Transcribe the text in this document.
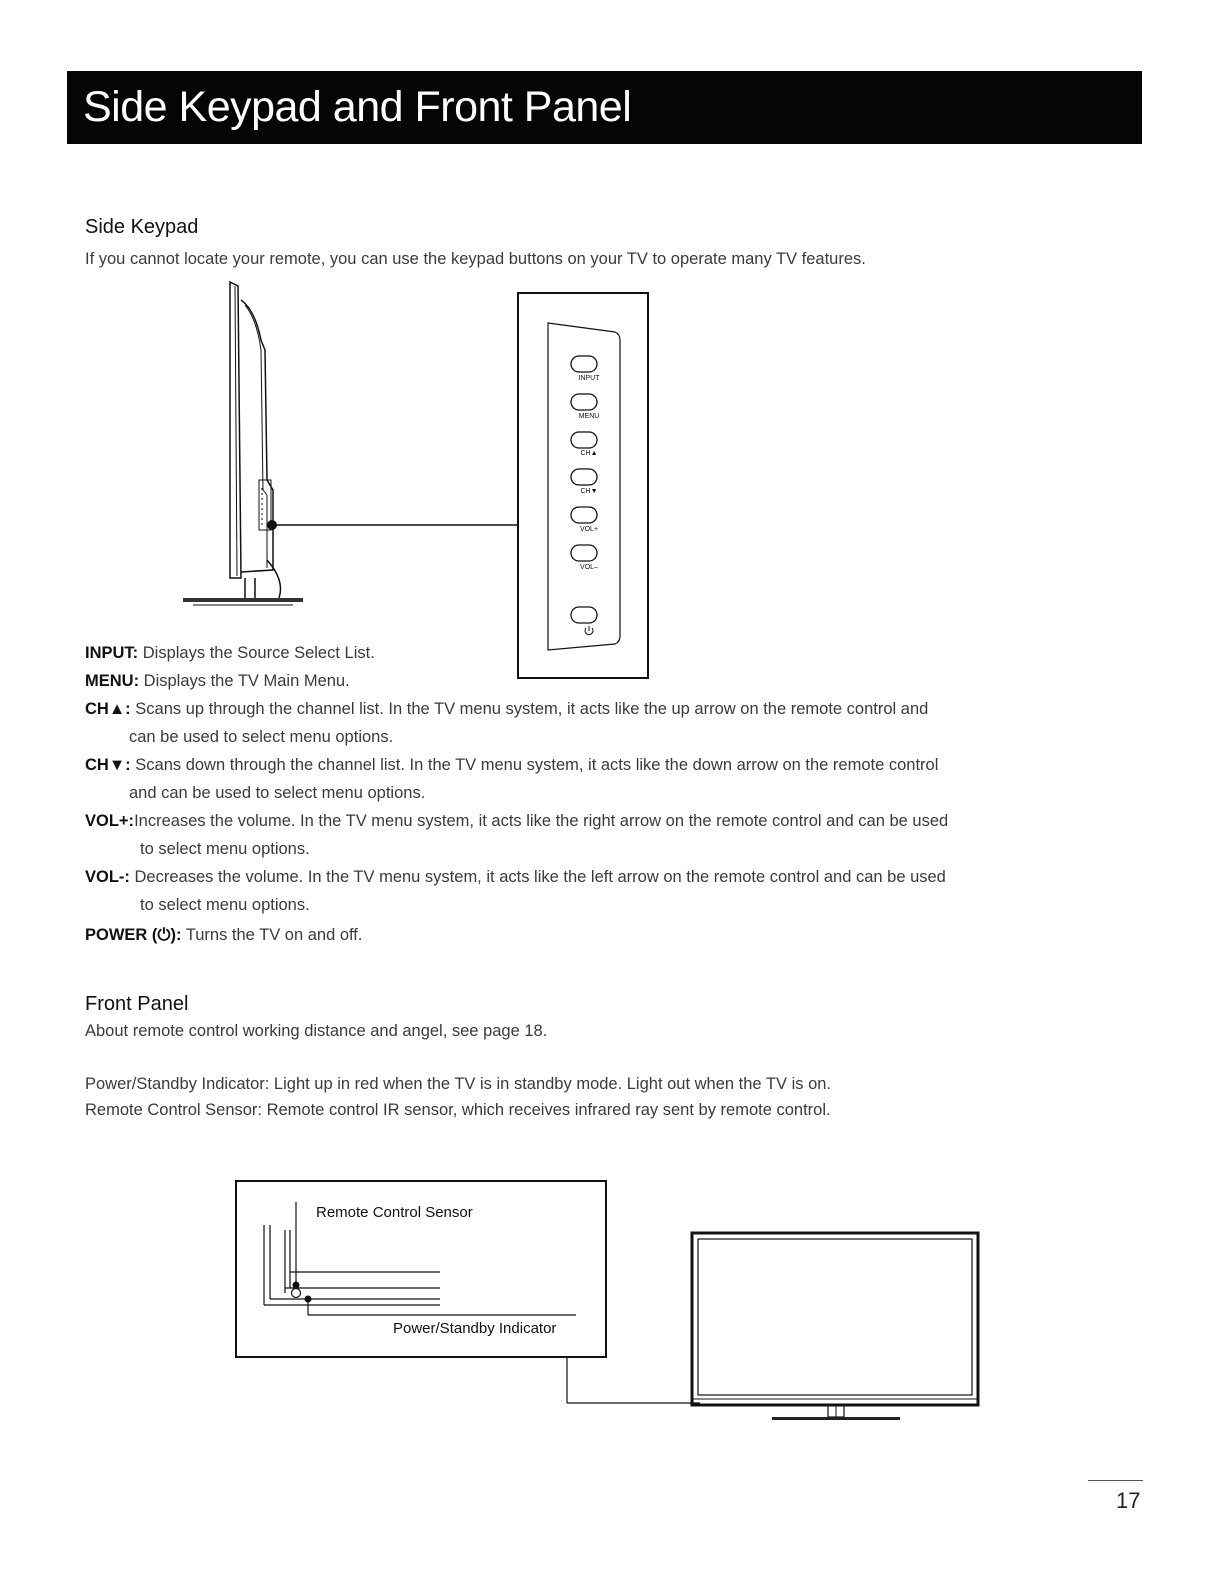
Side Keypad and Front Panel
Side Keypad

If you cannot locate your remote, you can use the keypad buttons on your TV to operate many TV features.

INPUT
MENU
CH▲
CH▼
VOL+
VOL–

INPUT: Displays the Source Select List.

MENU: Displays the TV Main Menu.

CH▲: Scans up through the channel list. In the TV menu system, it acts like the up arrow on the remote control and
can be used to select menu options.

CH▼: Scans down through the channel list. In the TV menu system, it acts like the down arrow on the remote control
and can be used to select menu options.

VOL+:Increases the volume. In the TV menu system, it acts like the right arrow on the remote control and can be used
to select menu options.

VOL-: Decreases the volume. In the TV menu system, it acts like the left arrow on the remote control and can be used
to select menu options.

POWER (⏻): Turns the TV on and off.

Front Panel

About remote control working distance and angel, see page 18.

Power/Standby Indicator: Light up in red when the TV is in standby mode. Light out when the TV is on.

Remote Control Sensor: Remote control IR sensor, which receives infrared ray sent by remote control.

Remote Control Sensor
Power/Standby Indicator
17
